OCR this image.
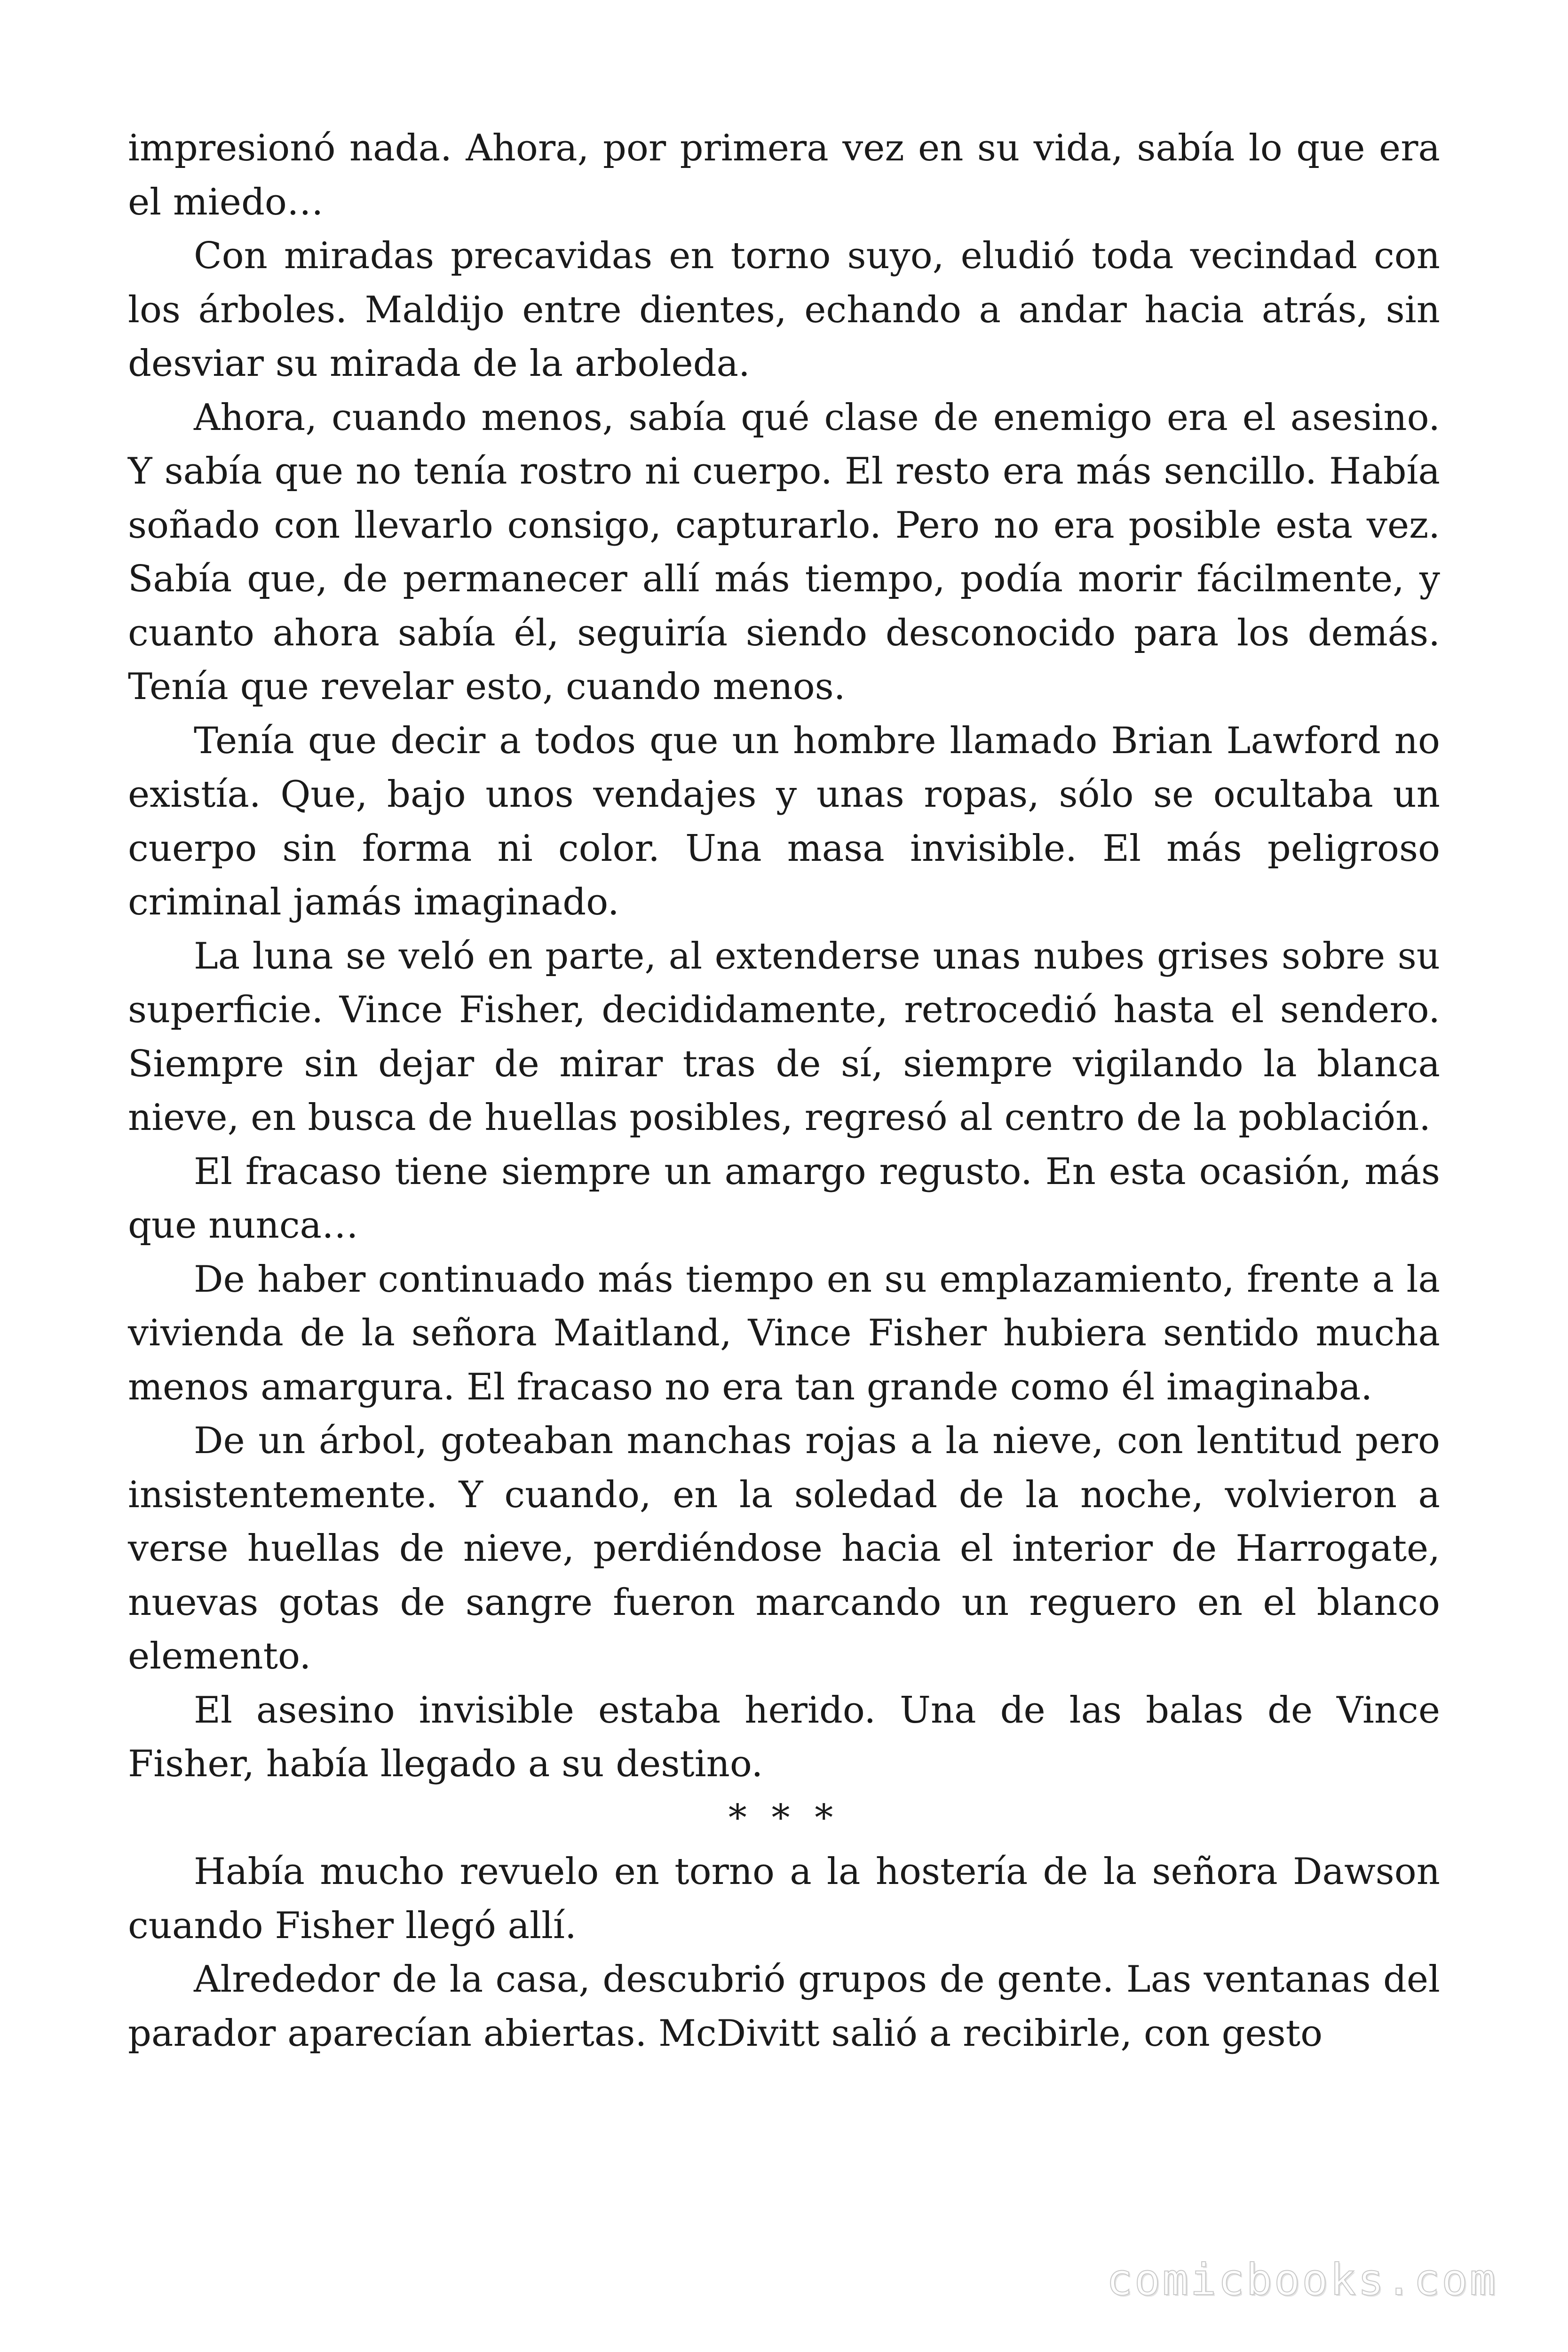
impresionó nada. Ahora, por primera vez en su vida, sabía lo que era el miedo…

Con miradas precavidas en torno suyo, eludió toda vecindad con los árboles. Maldijo entre dientes, echando a andar hacia atrás, sin desviar su mirada de la arboleda.

Ahora, cuando menos, sabía qué clase de enemigo era el asesino. Y sabía que no tenía rostro ni cuerpo. El resto era más sencillo. Había soñado con llevarlo consigo, capturarlo. Pero no era posible esta vez. Sabía que, de permanecer allí más tiempo, podía morir fácilmente, y cuanto ahora sabía él, seguiría siendo desconocido para los demás. Tenía que revelar esto, cuando menos.

Tenía que decir a todos que un hombre llamado Brian Lawford no existía. Que, bajo unos vendajes y unas ropas, sólo se ocultaba un cuerpo sin forma ni color. Una masa invisible. El más peligroso criminal jamás imaginado.

La luna se veló en parte, al extenderse unas nubes grises sobre su superficie. Vince Fisher, decididamente, retrocedió hasta el sendero. Siempre sin dejar de mirar tras de sí, siempre vigilando la blanca nieve, en busca de huellas posibles, regresó al centro de la población.

El fracaso tiene siempre un amargo regusto. En esta ocasión, más que nunca…

De haber continuado más tiempo en su emplazamiento, frente a la vivienda de la señora Maitland, Vince Fisher hubiera sentido mucha menos amargura. El fracaso no era tan grande como él imaginaba.

De un árbol, goteaban manchas rojas a la nieve, con lentitud pero insistentemente. Y cuando, en la soledad de la noche, volvieron a verse huellas de nieve, perdiéndose hacia el interior de Harrogate, nuevas gotas de sangre fueron marcando un reguero en el blanco elemento.

El asesino invisible estaba herido. Una de las balas de Vince Fisher, había llegado a su destino.

* * *

Había mucho revuelo en torno a la hostería de la señora Dawson cuando Fisher llegó allí.

Alrededor de la casa, descubrió grupos de gente. Las ventanas del parador aparecían abiertas. McDivitt salió a recibirle, con gesto

comicbooks.com
